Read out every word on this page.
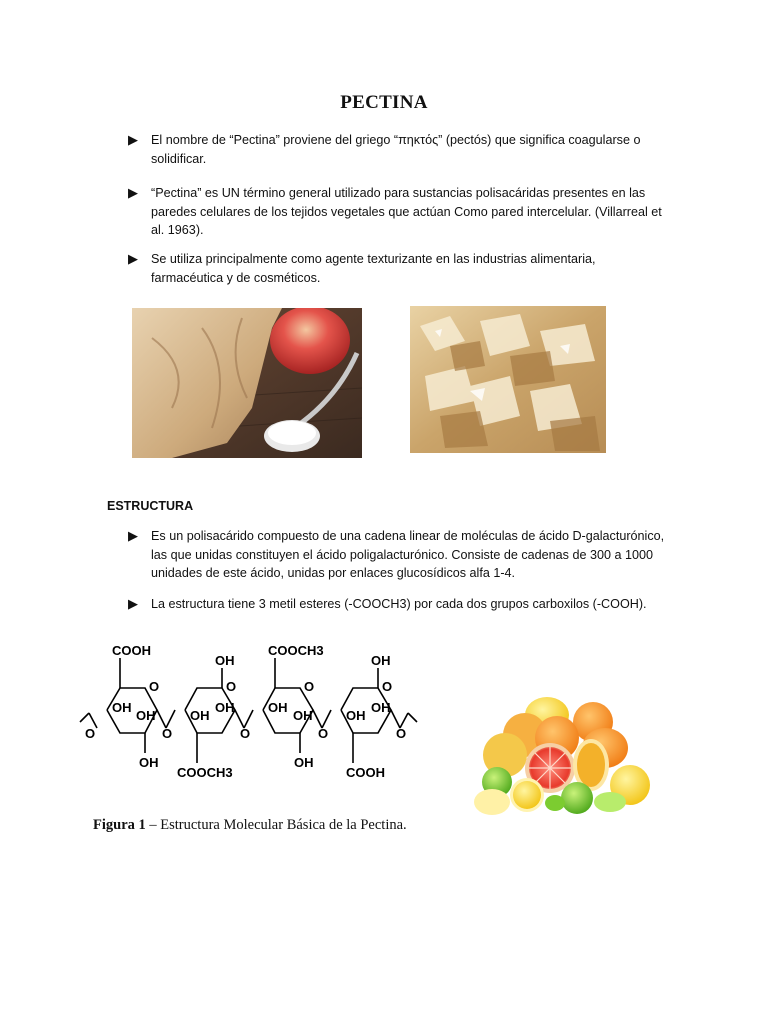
PECTINA
▶ El nombre de “Pectina” proviene del griego “πηκτός” (pectós) que significa coagularse o solidificar.
▶ “Pectina” es UN término general utilizado para sustancias polisacáridas presentes en las paredes celulares de los tejidos vegetales que actúan Como pared intercelular. (Villarreal et al. 1963).
▶ Se utiliza principalmente como agente texturizante en las industrias alimentaria, farmacéutica y de cosméticos.
ESTRUCTURA
▶ Es un polisacárido compuesto de una cadena linear de moléculas de ácido D-galacturónico, las que unidas constituyen el ácido poligalacturónico. Consiste de cadenas de 300 a 1000 unidades de este ácido, unidas por enlaces glucosídicos alfa 1-4.
▶ La estructura tiene 3 metil esteres (-COOCH3) por cada dos grupos carboxilos (-COOH).
COOH
OH
COOCH3
OH
O	O	O	O
OH
OH
OH
OH
OH	OH
OH	OH
O	O	O	O	O
OH
COOCH3
OH
COOH
Figura 1 – Estructura Molecular Básica de la Pectina.
